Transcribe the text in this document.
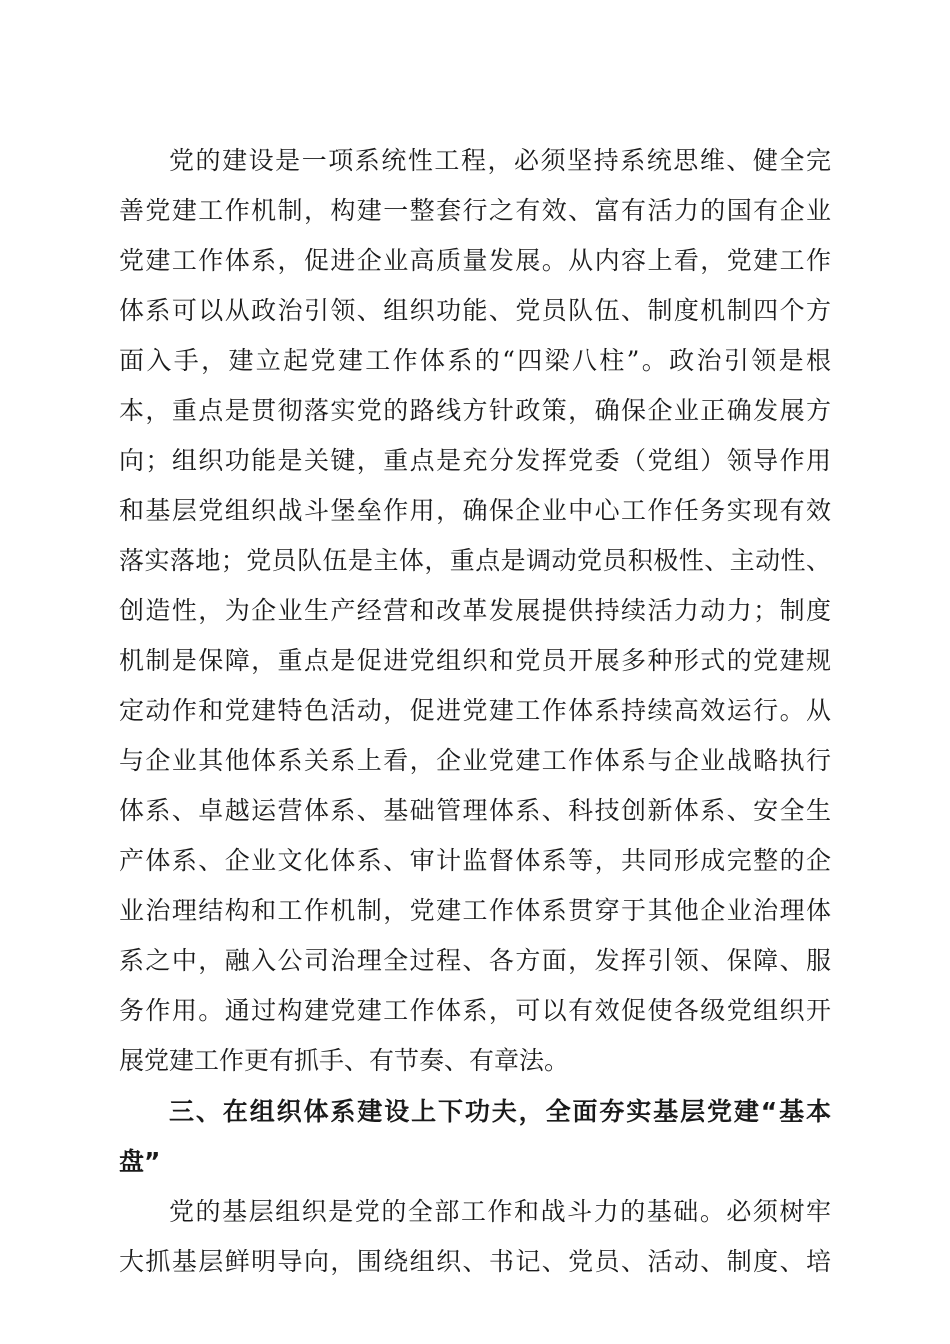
党的建设是一项系统性工程，必须坚持系统思维、健全完
善党建工作机制，构建一整套行之有效、富有活力的国有企业
党建工作体系，促进企业高质量发展。从内容上看，党建工作
体系可以从政治引领、组织功能、党员队伍、制度机制四个方
面入手，建立起党建工作体系的“四梁八柱”。政治引领是根
本，重点是贯彻落实党的路线方针政策，确保企业正确发展方
向；组织功能是关键，重点是充分发挥党委（党组）领导作用
和基层党组织战斗堡垒作用，确保企业中心工作任务实现有效
落实落地；党员队伍是主体，重点是调动党员积极性、主动性、
创造性，为企业生产经营和改革发展提供持续活力动力；制度
机制是保障，重点是促进党组织和党员开展多种形式的党建规
定动作和党建特色活动，促进党建工作体系持续高效运行。从
与企业其他体系关系上看，企业党建工作体系与企业战略执行
体系、卓越运营体系、基础管理体系、科技创新体系、安全生
产体系、企业文化体系、审计监督体系等，共同形成完整的企
业治理结构和工作机制，党建工作体系贯穿于其他企业治理体
系之中，融入公司治理全过程、各方面，发挥引领、保障、服
务作用。通过构建党建工作体系，可以有效促使各级党组织开
展党建工作更有抓手、有节奏、有章法。
三、在组织体系建设上下功夫，全面夯实基层党建“基本
盘”
党的基层组织是党的全部工作和战斗力的基础。必须树牢
大抓基层鲜明导向，围绕组织、书记、党员、活动、制度、培
